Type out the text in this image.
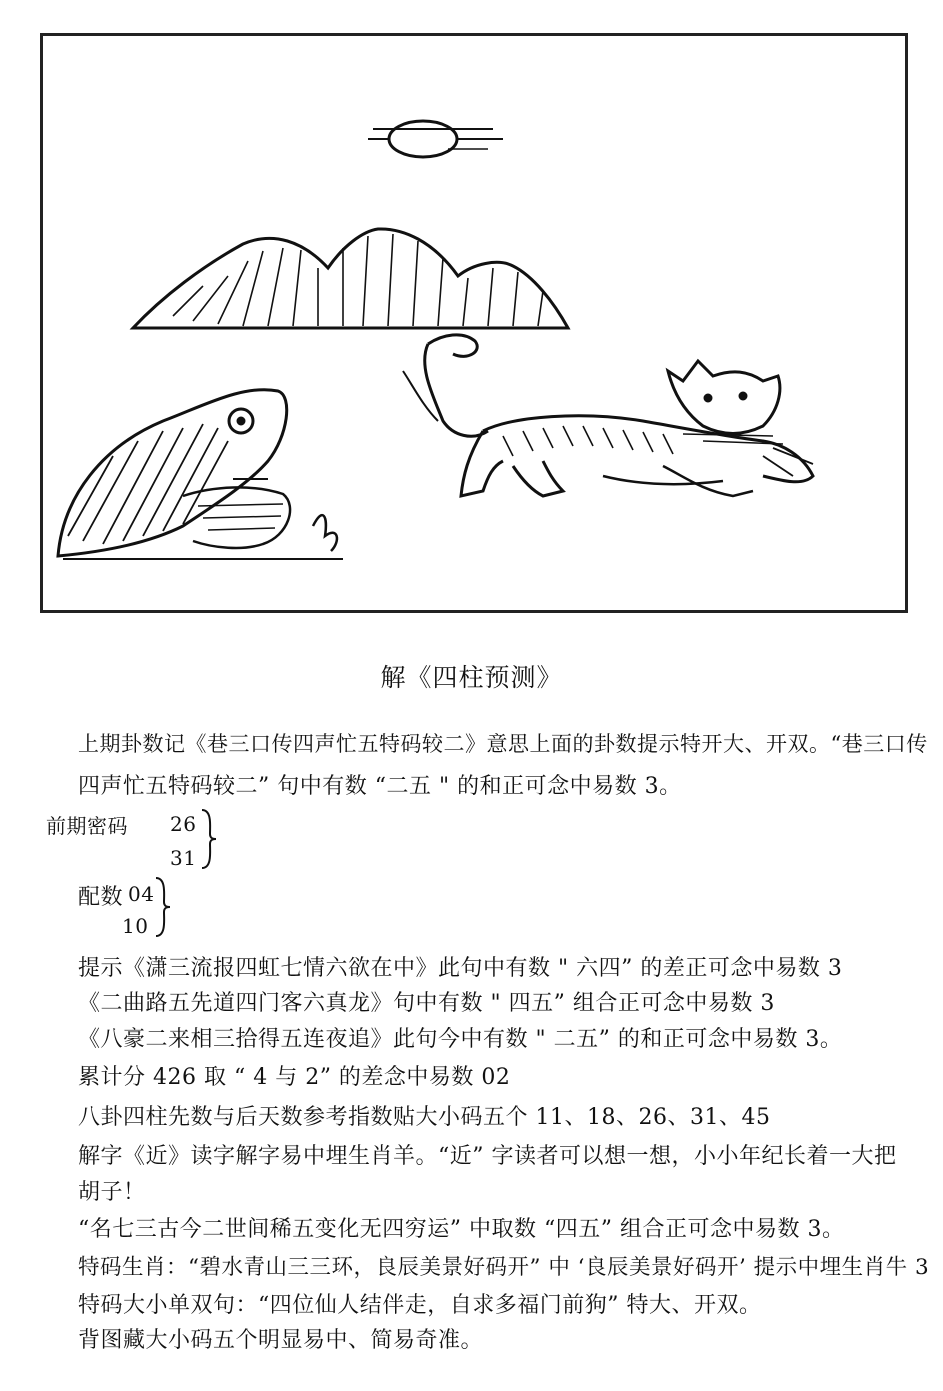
解《四柱预测》
上期卦数记《巷三口传四声忙五特码较二》意思上面的卦数提示特开大、开双。“巷三口传
四声忙五特码较二” 句中有数 “二五 " 的和正可念中易数 3。
前期密码 26
31
配数 04
10
提示《潇三流报四虹七情六欲在中》此句中有数 " 六四” 的差正可念中易数 3
《二曲路五先道四门客六真龙》句中有数 " 四五” 组合正可念中易数 3
《八豪二来相三拾得五连夜追》此句今中有数 " 二五” 的和正可念中易数 3。
累计分 426 取 “ 4 与 2” 的差念中易数 02
八卦四柱先数与后天数参考指数贴大小码五个 11、18、26、31、45
解字《近》读字解字易中埋生肖羊。“近” 字读者可以想一想，小小年纪长着一大把
胡子！
“名七三古今二世间稀五变化无四穷运” 中取数 “四五” 组合正可念中易数 3。
特码生肖：“碧水青山三三环，良辰美景好码开” 中 ‘良辰美景好码开’ 提示中埋生肖牛 3
特码大小单双句：“四位仙人结伴走，自求多福门前狗” 特大、开双。
背图藏大小码五个明显易中、简易奇准。
